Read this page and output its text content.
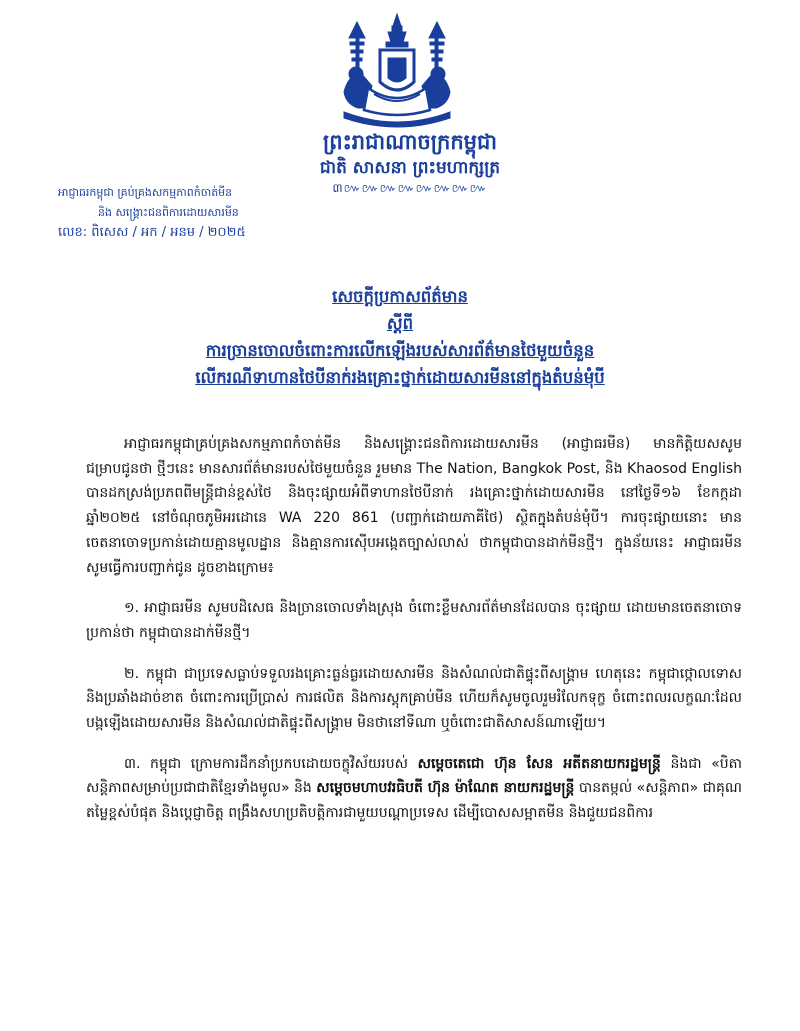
ព្រះរាជាណាចក្រកម្ពុជា
ជាតិ សាសនា ព្រះមហាក្សត្រ
៣៚៚៚៚៚៚៚៚
អាជ្ញាធរកម្ពុជា គ្រប់គ្រងសកម្មភាពកំចាត់មីន
និង សង្គ្រោះជនពិការដោយសារមីន
លេខ: ពិសេស / អក / អនម / ២០២៥
សេចក្ដីប្រកាសព័ត៌មាន
ស្ដីពី
ការច្រានចោលចំពោះការលើកឡើងរបស់សារព័ត៌មានថៃមួយចំនួន
លើករណីទាហានថៃបីនាក់រងគ្រោះថ្នាក់ដោយសារមីននៅក្នុងតំបន់មុំបី

អាជ្ញាធរកម្ពុជាគ្រប់គ្រងសកម្មភាពកំចាត់មីន និងសង្គ្រោះជនពិការដោយសារមីន (អាជ្ញាធរមីន) មានកិត្តិយសសូមជម្រាបជូនថា ថ្មីៗនេះ មានសារព័ត៌មានរបស់ថៃមួយចំនួន រួមមាន The Nation, Bangkok Post, និង Khaosod English បានដកស្រង់ប្រភពពីមន្ត្រីជាន់ខ្ពស់ថៃ និងចុះផ្សាយអំពីទាហានថៃបីនាក់ រងគ្រោះថ្នាក់ដោយសារមីន នៅថ្ងៃទី១៦ ខែកក្កដា ឆ្នាំ២០២៥ នៅចំណុចភូមិអរដោនេ WA 220 861 (បញ្ជាក់ដោយភាគីថៃ) ស្ថិតក្នុងតំបន់មុំបី។ ការចុះផ្សាយនោះ មានចេតនាចោទប្រកាន់ដោយគ្មានមូលដ្ឋាន និងគ្មានការស៊ើបអង្កេតច្បាស់លាស់ ថាកម្ពុជាបានដាក់មីនថ្មី។ ក្នុងន័យនេះ អាជ្ញាធរមីន សូមធ្វើការបញ្ជាក់ជូន ដូចខាងក្រោម៖

១. អាជ្ញាធរមីន សូមបដិសេធ និងច្រានចោលទាំងស្រុង ចំពោះខ្លឹមសារព័ត៌មានដែលបាន ចុះផ្សាយ ដោយមានចេតនាចោទប្រកាន់ថា កម្ពុជាបានដាក់មីនថ្មី។

២. កម្ពុជា ជាប្រទេសធ្លាប់ទទួលរងគ្រោះធ្ងន់ធ្ងរដោយសារមីន និងសំណល់ជាតិផ្ទុះពីសង្គ្រាម ហេតុនេះ កម្ពុជាថ្កោលទោស និងប្រឆាំងដាច់ខាត ចំពោះការប្រើប្រាស់ ការផលិត និងការស្តុកគ្រាប់មីន ហើយក៏សូមចូលរួមរំលែកទុក្ខ ចំពោះពលរលក្ខណៈដែលបង្កឡើងដោយសារមីន និងសំណល់ជាតិផ្ទុះពីសង្គ្រាម មិនថានៅទីណា ឬចំពោះជាតិសាសន៍ណាឡើយ។

៣. កម្ពុជា ក្រោមការដឹកនាំប្រកបដោយចក្ខុវិស័យរបស់ សម្តេចតេជោ ហ៊ុន សែន អតីតនាយករដ្ឋមន្ត្រី និងជា «បិតាសន្តិភាពសម្រាប់ប្រជាជាតិខ្មែរទាំងមូល» និង សម្តេចមហាបវរធិបតី ហ៊ុន ម៉ាណែត នាយករដ្ឋមន្ត្រី បានតម្កល់ «សន្តិភាព» ជាគុណតម្លៃខ្ពស់បំផុត និងប្តេជ្ញាចិត្ត ពង្រឹងសហប្រតិបត្តិការជាមួយបណ្តាប្រទេស ដើម្បីបោសសម្អាតមីន និងជួយជនពិការ
